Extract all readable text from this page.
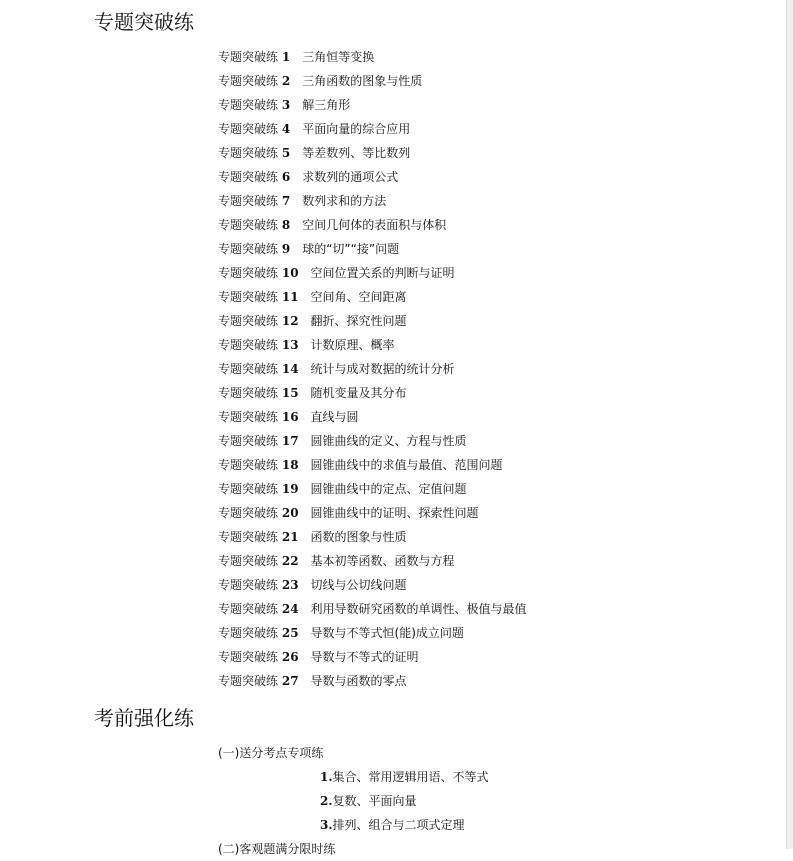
专题突破练
专题突破练 1 三角恒等变换
专题突破练 2 三角函数的图象与性质
专题突破练 3 解三角形
专题突破练 4 平面向量的综合应用
专题突破练 5 等差数列、等比数列
专题突破练 6 求数列的通项公式
专题突破练 7 数列求和的方法
专题突破练 8 空间几何体的表面积与体积
专题突破练 9 球的“切”“接”问题
专题突破练 10 空间位置关系的判断与证明
专题突破练 11 空间角、空间距离
专题突破练 12 翻折、探究性问题
专题突破练 13 计数原理、概率
专题突破练 14 统计与成对数据的统计分析
专题突破练 15 随机变量及其分布
专题突破练 16 直线与圆
专题突破练 17 圆锥曲线的定义、方程与性质
专题突破练 18 圆锥曲线中的求值与最值、范围问题
专题突破练 19 圆锥曲线中的定点、定值问题
专题突破练 20 圆锥曲线中的证明、探索性问题
专题突破练 21 函数的图象与性质
专题突破练 22 基本初等函数、函数与方程
专题突破练 23 切线与公切线问题
专题突破练 24 利用导数研究函数的单调性、极值与最值
专题突破练 25 导数与不等式恒(能)成立问题
专题突破练 26 导数与不等式的证明
专题突破练 27 导数与函数的零点
考前强化练
(一)送分考点专项练
1.集合、常用逻辑用语、不等式
2.复数、平面向量
3.排列、组合与二项式定理
(二)客观题满分限时练
